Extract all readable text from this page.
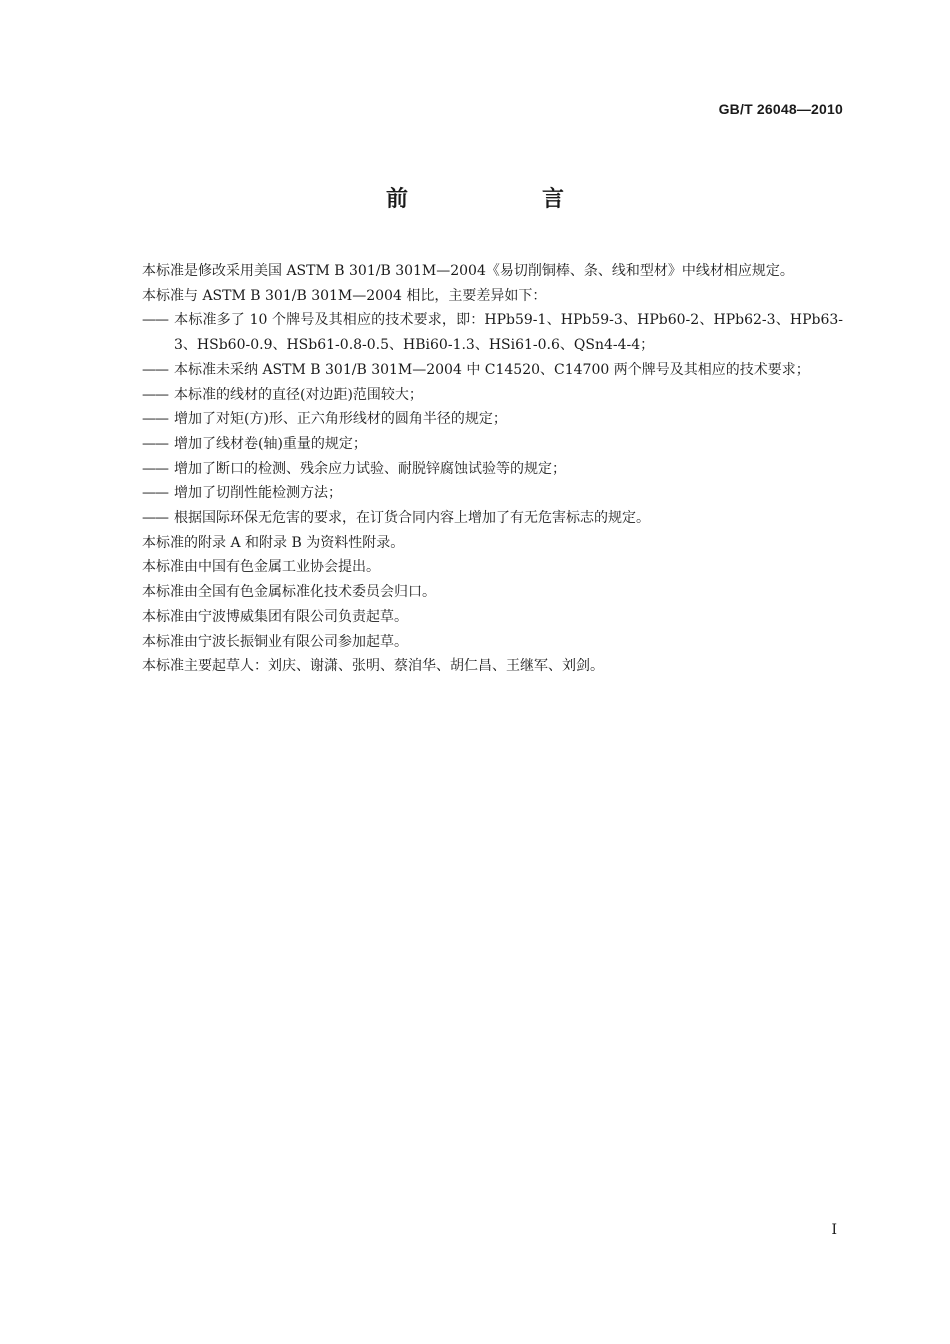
GB/T 26048—2010
前　言

本标准是修改采用美国 ASTM B 301/B 301M—2004《易切削铜棒、条、线和型材》中线材相应规定。

本标准与 ASTM B 301/B 301M—2004 相比，主要差异如下：

—— 本标准多了 10 个牌号及其相应的技术要求，即：HPb59-1、HPb59-3、HPb60-2、HPb62-3、HPb63-3、HSb60-0.9、HSb61-0.8-0.5、HBi60-1.3、HSi61-0.6、QSn4-4-4；

—— 本标准未采纳 ASTM B 301/B 301M—2004 中 C14520、C14700 两个牌号及其相应的技术要求；

—— 本标准的线材的直径(对边距)范围较大；

—— 增加了对矩(方)形、正六角形线材的圆角半径的规定；

—— 增加了线材卷(轴)重量的规定；

—— 增加了断口的检测、残余应力试验、耐脱锌腐蚀试验等的规定；

—— 增加了切削性能检测方法；

—— 根据国际环保无危害的要求，在订货合同内容上增加了有无危害标志的规定。

本标准的附录 A 和附录 B 为资料性附录。

本标准由中国有色金属工业协会提出。

本标准由全国有色金属标准化技术委员会归口。

本标准由宁波博威集团有限公司负责起草。

本标准由宁波长振铜业有限公司参加起草。

本标准主要起草人：刘庆、谢潇、张明、蔡洎华、胡仁昌、王继军、刘剑。

I
